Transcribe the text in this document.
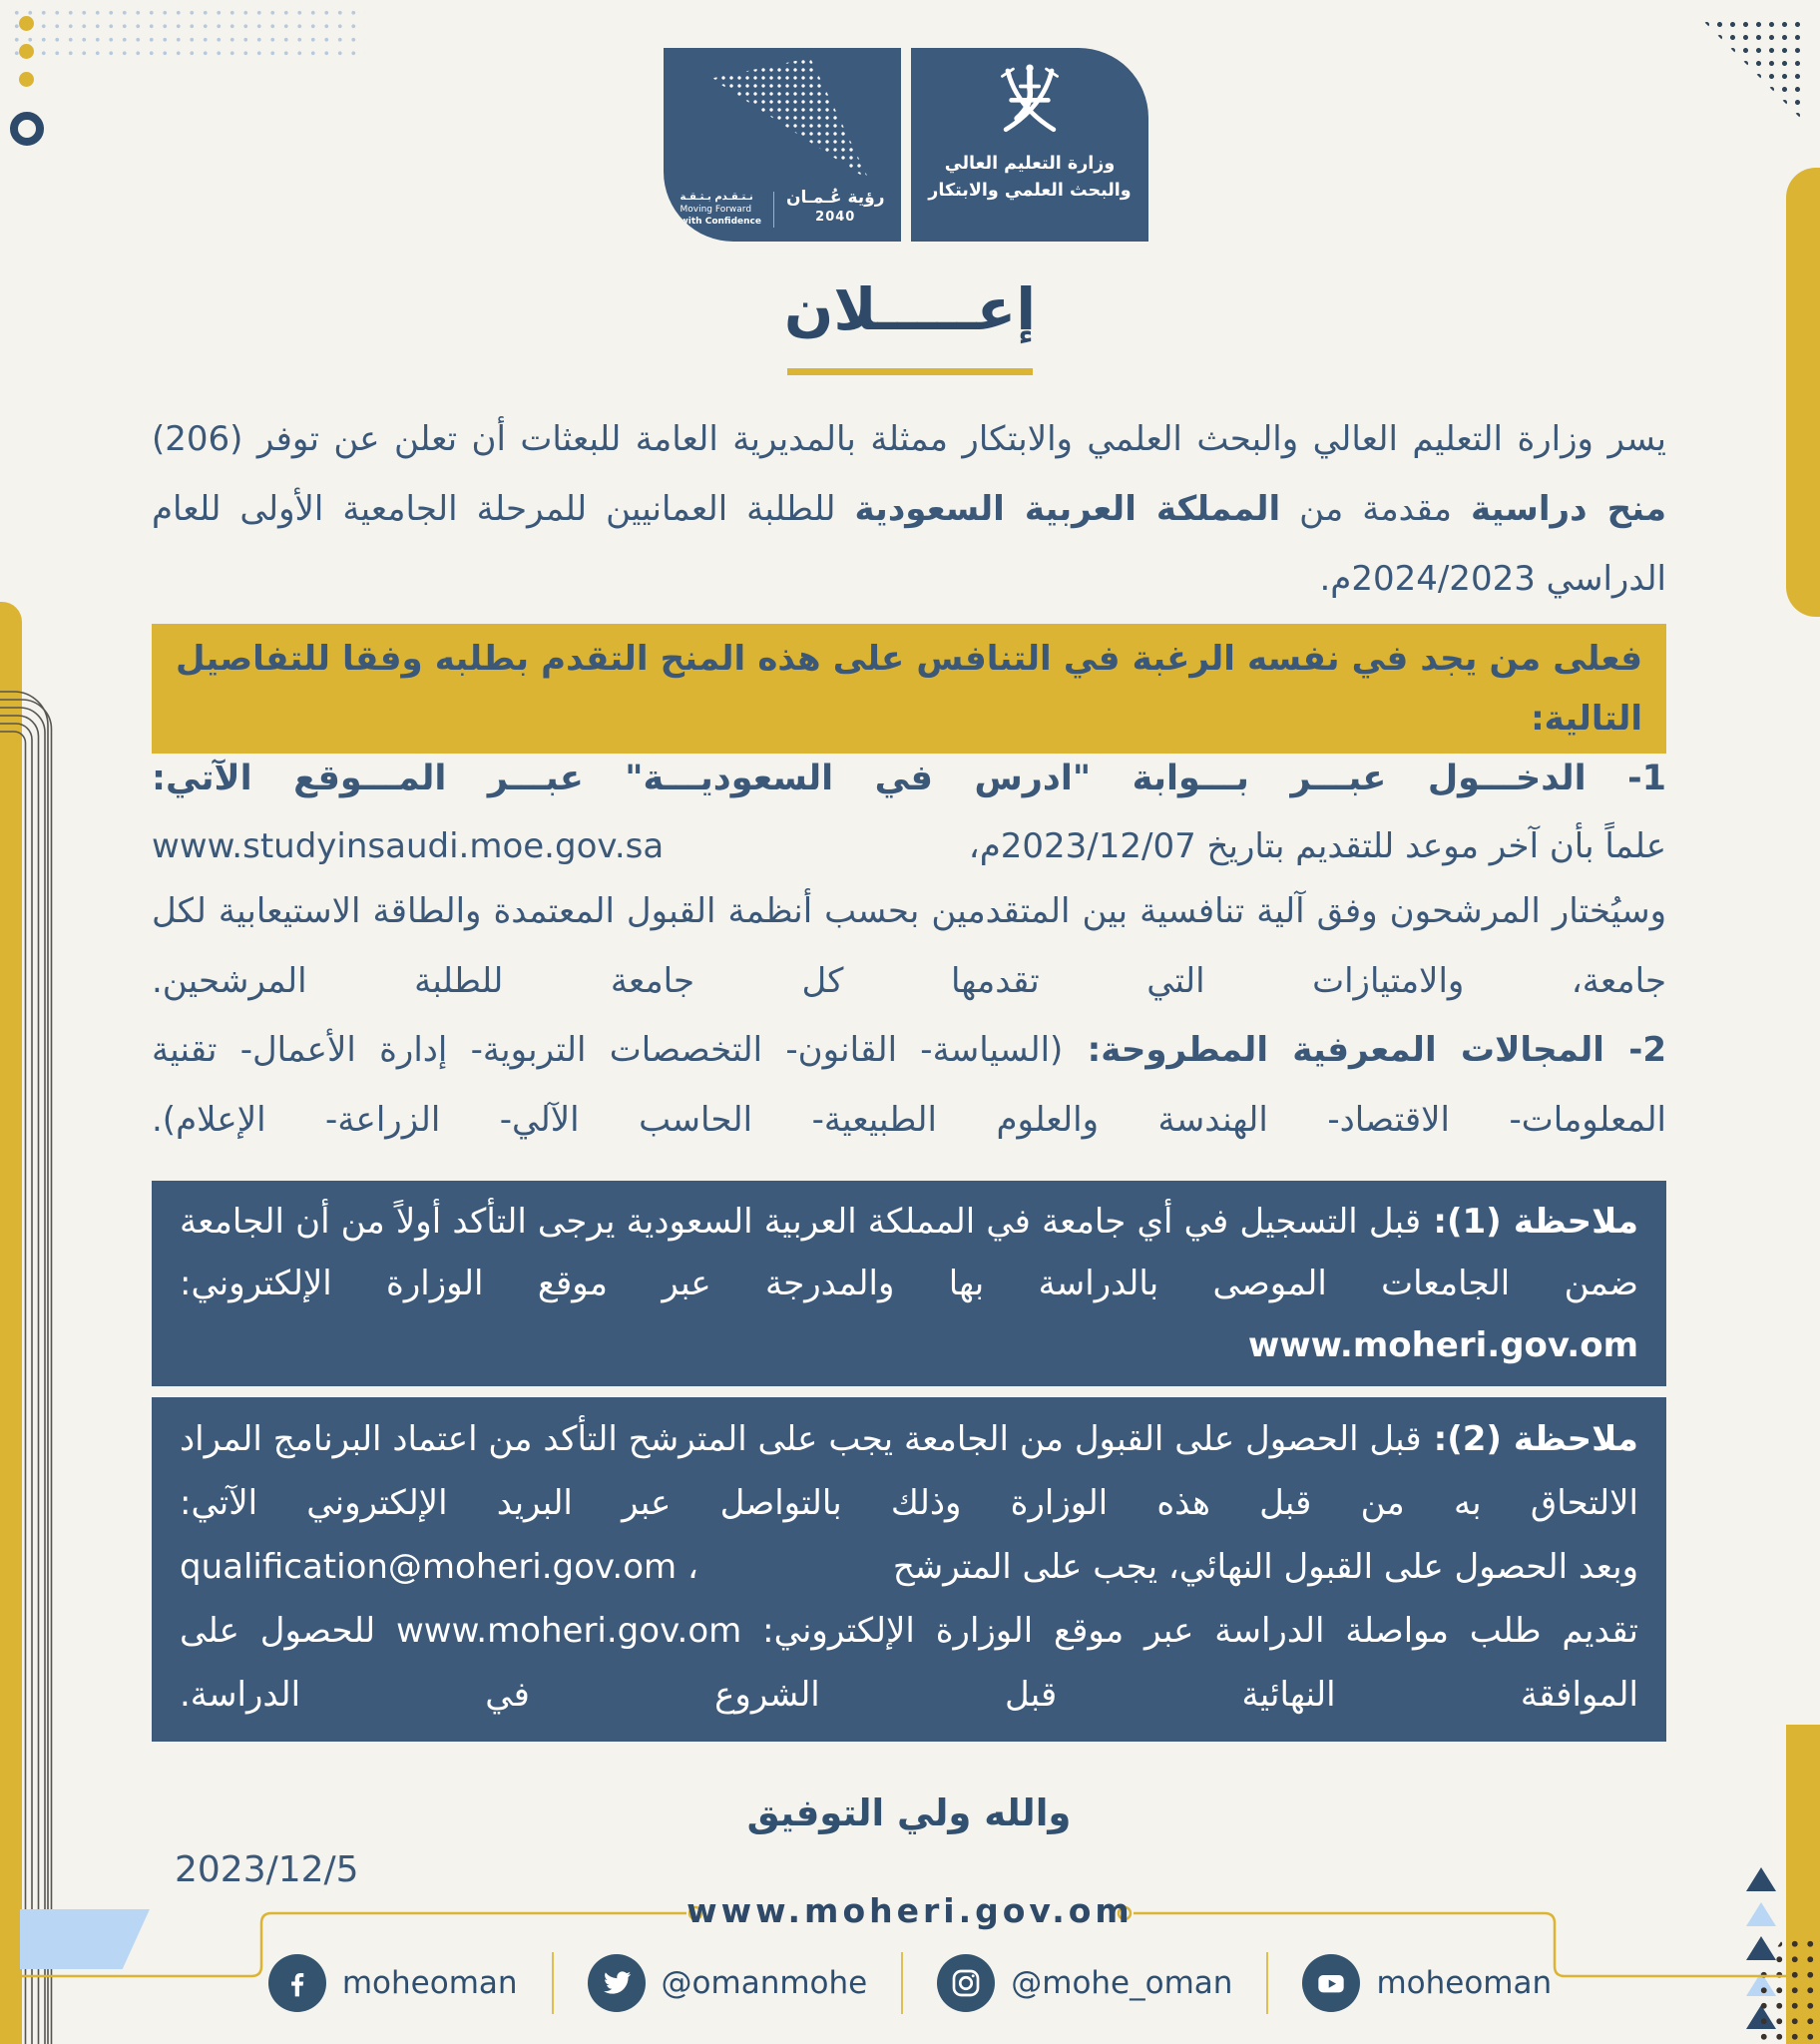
نـتـقـدم بـثـقـة
Moving Forward
with Confidence
رؤية عُـمـان
2040
وزارة التعليم العالي
والبحث العلمي والابتكار
إعـــــلان
يسر وزارة التعليم العالي والبحث العلمي والابتكار ممثلة بالمديرية العامة للبعثات أن تعلن عن توفر (206) منح دراسية مقدمة من المملكة العربية السعودية للطلبة العمانيين للمرحلة الجامعية الأولى للعام الدراسي 2024/2023م.
فعلى من يجد في نفسه الرغبة في التنافس على هذه المنح التقدم بطلبه وفقا للتفاصيل التالية:
1- الدخـــول عبـــر بـــوابة "ادرس في السعوديـــة" عبـــر المـــوقع الآتي:
علماً بأن آخر موعد للتقديم بتاريخ 2023/12/07م،
www.studyinsaudi.moe.gov.sa
وسيُختار المرشحون وفق آلية تنافسية بين المتقدمين بحسب أنظمة القبول المعتمدة والطاقة الاستيعابية لكل جامعة، والامتيازات التي تقدمها كل جامعة للطلبة المرشحين.
2- المجالات المعرفية المطروحة: (السياسة- القانون- التخصصات التربوية- إدارة الأعمال- تقنية المعلومات- الاقتصاد- الهندسة والعلوم الطبيعية- الحاسب الآلي- الزراعة- الإعلام).
ملاحظة (1): قبل التسجيل في أي جامعة في المملكة العربية السعودية يرجى التأكد أولاً من أن الجامعة ضمن الجامعات الموصى بالدراسة بها والمدرجة عبر موقع الوزارة الإلكتروني:
www.moheri.gov.om
ملاحظة (2): قبل الحصول على القبول من الجامعة يجب على المترشح التأكد من اعتماد البرنامج المراد الالتحاق به من قبل هذه الوزارة وذلك بالتواصل عبر البريد الإلكتروني الآتي:
وبعد الحصول على القبول النهائي، يجب على المترشح
qualification@moheri.gov.om ،
تقديم طلب مواصلة الدراسة عبر موقع الوزارة الإلكتروني: www.moheri.gov.om للحصول على الموافقة النهائية قبل الشروع في الدراسة.
والله ولي التوفيق
2023/12/5
www.moheri.gov.om
moheoman	@omanmohe	@mohe_oman	moheoman
